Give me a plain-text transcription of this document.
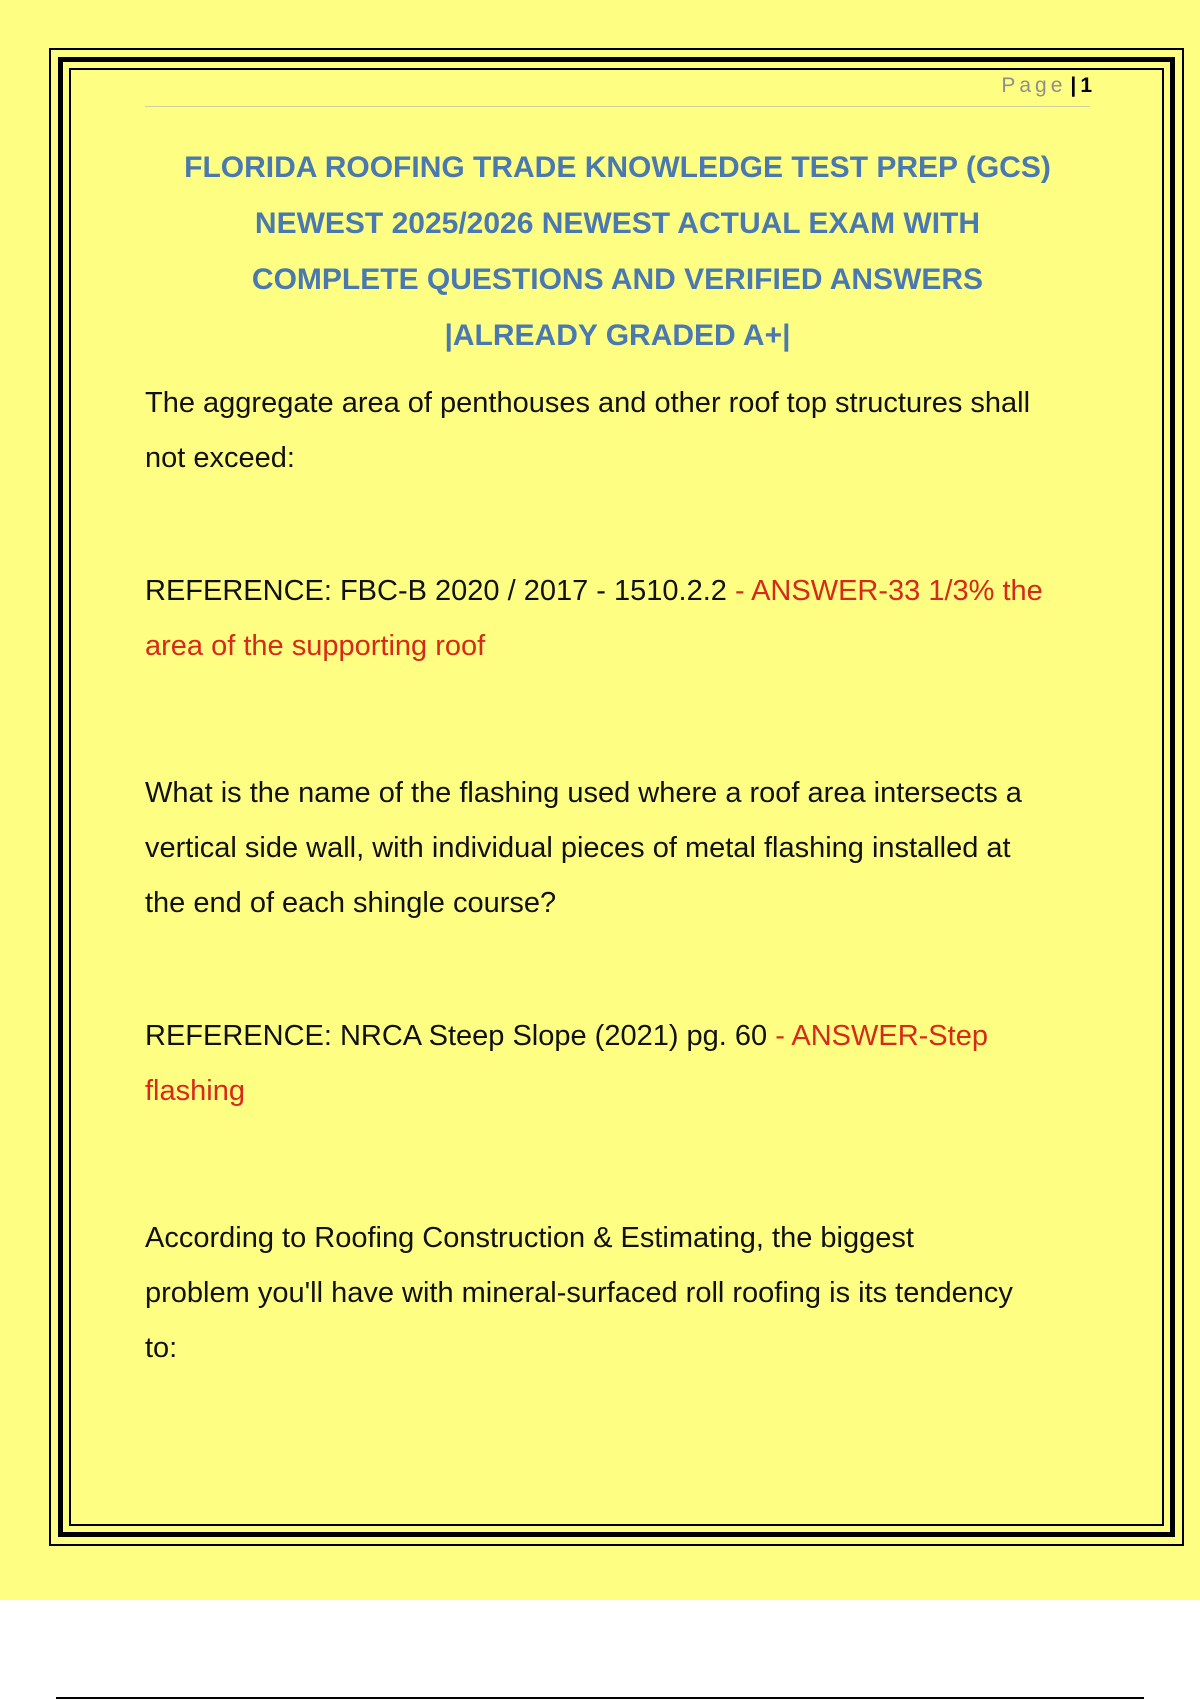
Page | 1
FLORIDA ROOFING TRADE KNOWLEDGE TEST PREP (GCS)
NEWEST 2025/2026 NEWEST ACTUAL EXAM WITH
COMPLETE QUESTIONS AND VERIFIED ANSWERS
|ALREADY GRADED A+|

The aggregate area of penthouses and other roof top structures shall not exceed:

REFERENCE: FBC-B 2020 / 2017 - 1510.2.2 - ANSWER-33 1/3% the area of the supporting roof

What is the name of the flashing used where a roof area intersects a vertical side wall, with individual pieces of metal flashing installed at the end of each shingle course?

REFERENCE: NRCA Steep Slope (2021) pg. 60 - ANSWER-Step flashing

According to Roofing Construction & Estimating, the biggest problem you'll have with mineral-surfaced roll roofing is its tendency to:
